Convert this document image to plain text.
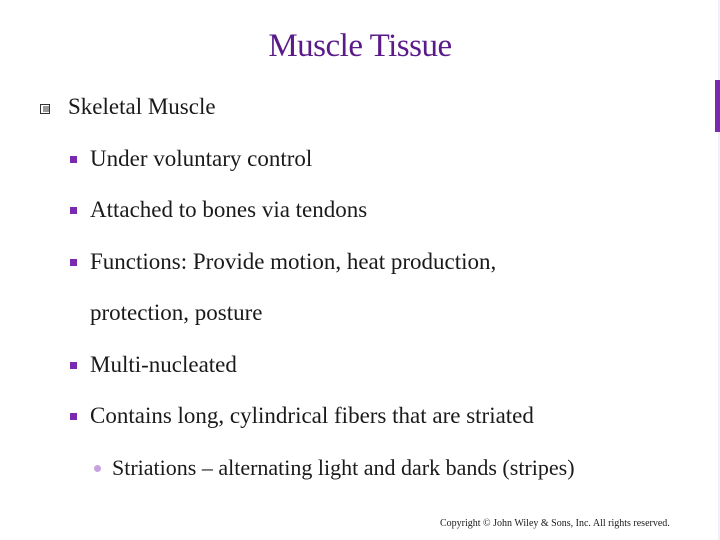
Muscle Tissue
Skeletal Muscle
Under voluntary control
Attached to bones via tendons
Functions: Provide motion, heat production,
protection, posture
Multi-nucleated
Contains long, cylindrical fibers that are striated
Striations – alternating light and dark bands (stripes)
Copyright © John Wiley & Sons, Inc. All rights reserved.
